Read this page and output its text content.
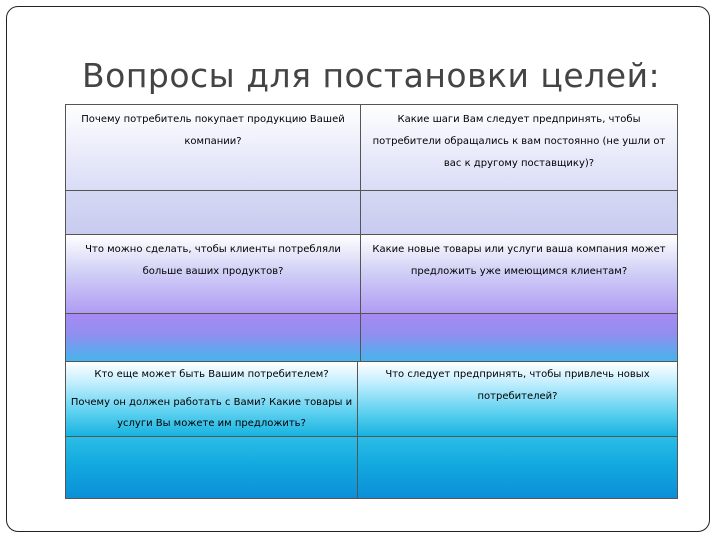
Вопросы для постановки целей:
Почему потребитель покупает продукцию Вашей компании?
Какие шаги Вам следует предпринять, чтобы потребители обращались к вам постоянно (не ушли от вас к другому поставщику)?
Что можно сделать, чтобы клиенты потребляли больше ваших продуктов?
Какие новые товары или услуги ваша компания может предложить уже имеющимся клиентам?
Кто еще может быть Вашим потребителем?
Почему он должен работать с Вами? Какие товары и услуги Вы можете им предложить?
Что следует предпринять, чтобы привлечь новых потребителей?
